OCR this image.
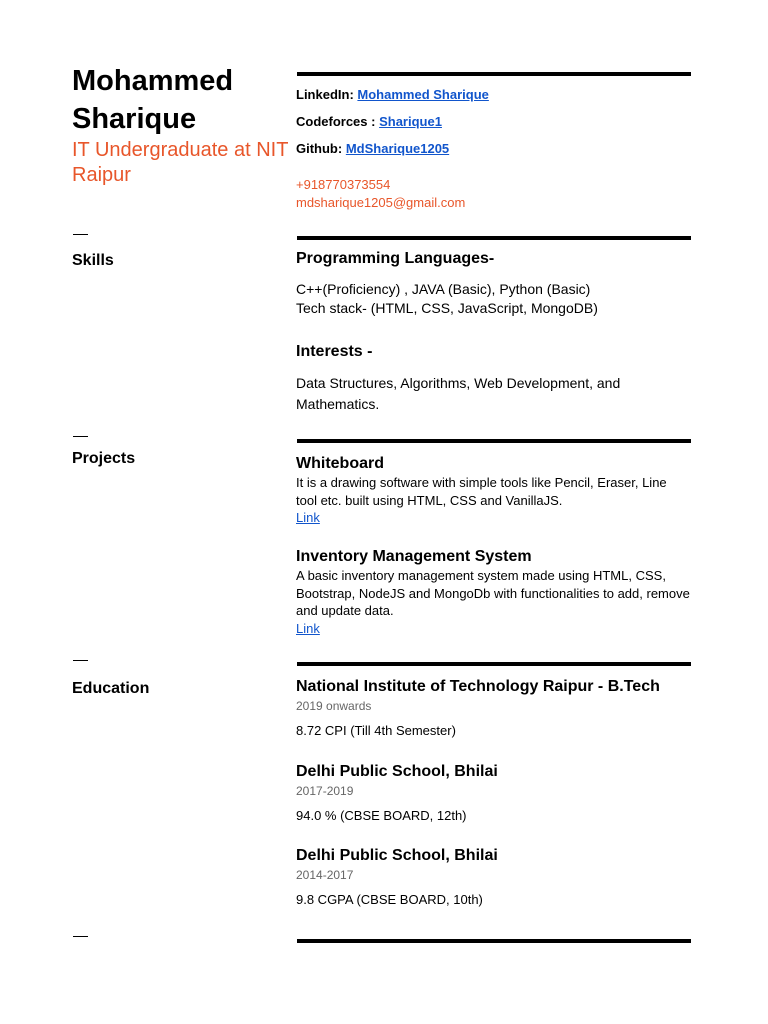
Mohammed Sharique
IT Undergraduate at NIT Raipur
LinkedIn: Mohammed Sharique
Codeforces : Sharique1
Github: MdSharique1205
+918770373554
mdsharique1205@gmail.com
Skills	Programming Languages-
C++(Proficiency) , JAVA (Basic), Python (Basic)
Tech stack- (HTML, CSS, JavaScript, MongoDB)
Interests -
Data Structures, Algorithms, Web Development, and Mathematics.
Projects	Whiteboard
It is a drawing software with simple tools like Pencil, Eraser, Line tool etc. built using HTML, CSS and VanillaJS.
Link
Inventory Management System
A basic inventory management system made using HTML, CSS, Bootstrap, NodeJS and MongoDb with functionalities to add, remove and update data.
Link
Education	National Institute of Technology Raipur - B.Tech
2019 onwards
8.72 CPI (Till 4th Semester)
Delhi Public School, Bhilai
2017-2019
94.0 % (CBSE BOARD, 12th)
Delhi Public School, Bhilai
2014-2017
9.8 CGPA (CBSE BOARD, 10th)
